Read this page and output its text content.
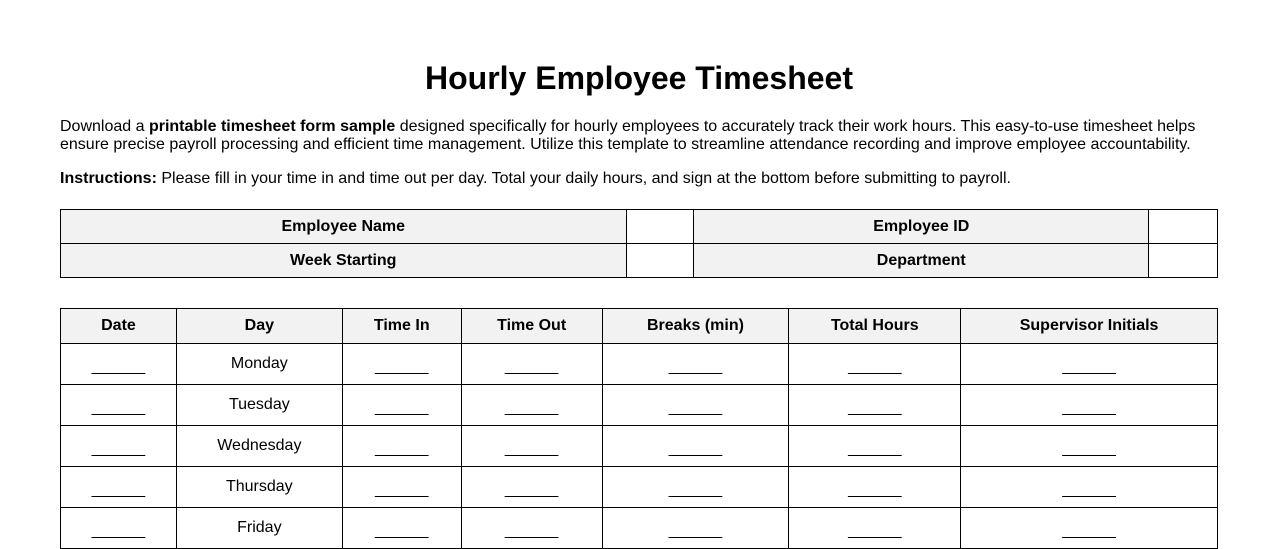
Hourly Employee Timesheet

Download a printable timesheet form sample designed specifically for hourly employees to accurately track their work hours. This easy-to-use timesheet helps ensure precise payroll processing and efficient time management. Utilize this template to streamline attendance recording and improve employee accountability.

Instructions: Please fill in your time in and time out per day. Total your daily hours, and sign at the bottom before submitting to payroll.

Employee Name		Employee ID	
Week Starting		Department	
Date	Day	Time In	Time Out	Breaks (min)	Total Hours	Supervisor Initials
______	Monday	______	______	______	______	______
______	Tuesday	______	______	______	______	______
______	Wednesday	______	______	______	______	______
______	Thursday	______	______	______	______	______
______	Friday	______	______	______	______	______
